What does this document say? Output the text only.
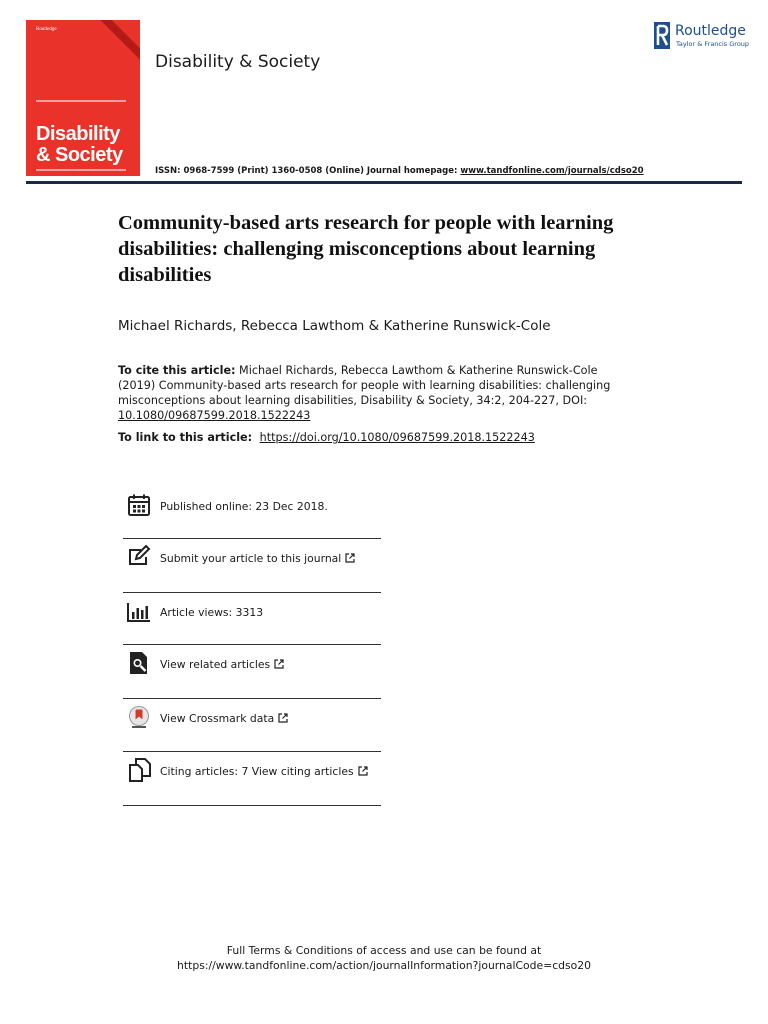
Routledge
Disability
& Society
Disability & Society
ISSN: 0968-7599 (Print) 1360-0508 (Online) Journal homepage: www.tandfonline.com/journals/cdso20
Routledge
Taylor & Francis Group
Community-based arts research for people with learning disabilities: challenging misconceptions about learning disabilities
Michael Richards, Rebecca Lawthom & Katherine Runswick-Cole
To cite this article: Michael Richards, Rebecca Lawthom & Katherine Runswick-Cole (2019) Community-based arts research for people with learning disabilities: challenging misconceptions about learning disabilities, Disability & Society, 34:2, 204-227, DOI: 10.1080/09687599.2018.1522243
To link to this article: https://doi.org/10.1080/09687599.2018.1522243
Published online: 23 Dec 2018.
Submit your article to this journal
Article views: 3313
View related articles
View Crossmark data
Citing articles: 7 View citing articles
Full Terms & Conditions of access and use can be found at
https://www.tandfonline.com/action/journalInformation?journalCode=cdso20
